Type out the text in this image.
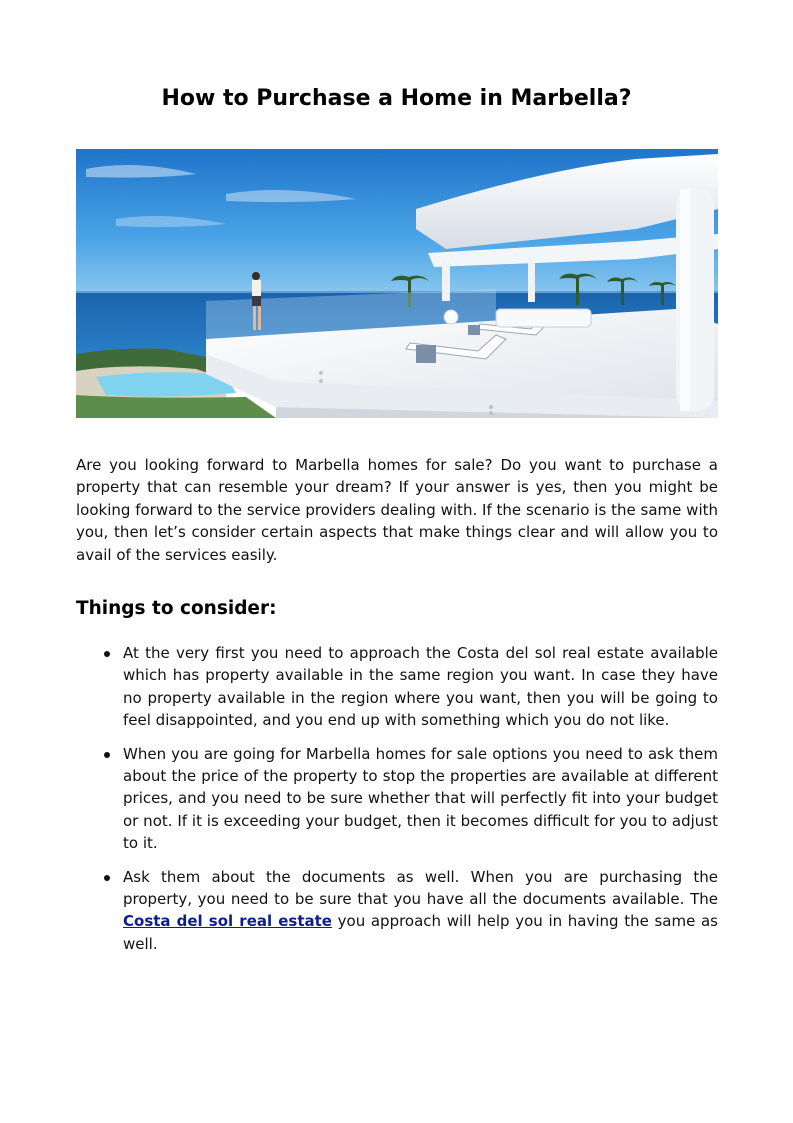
How to Purchase a Home in Marbella?

Are you looking forward to Marbella homes for sale? Do you want to purchase a property that can resemble your dream? If your answer is yes, then you might be looking forward to the service providers dealing with. If the scenario is the same with you, then let’s consider certain aspects that make things clear and will allow you to avail of the services easily.

Things to consider:
At the very first you need to approach the Costa del sol real estate available which has property available in the same region you want. In case they have no property available in the region where you want, then you will be going to feel disappointed, and you end up with something which you do not like.
When you are going for Marbella homes for sale options you need to ask them about the price of the property to stop the properties are available at different prices, and you need to be sure whether that will perfectly fit into your budget or not. If it is exceeding your budget, then it becomes difficult for you to adjust to it.
Ask them about the documents as well. When you are purchasing the property, you need to be sure that you have all the documents available. The Costa del sol real estate you approach will help you in having the same as well.
